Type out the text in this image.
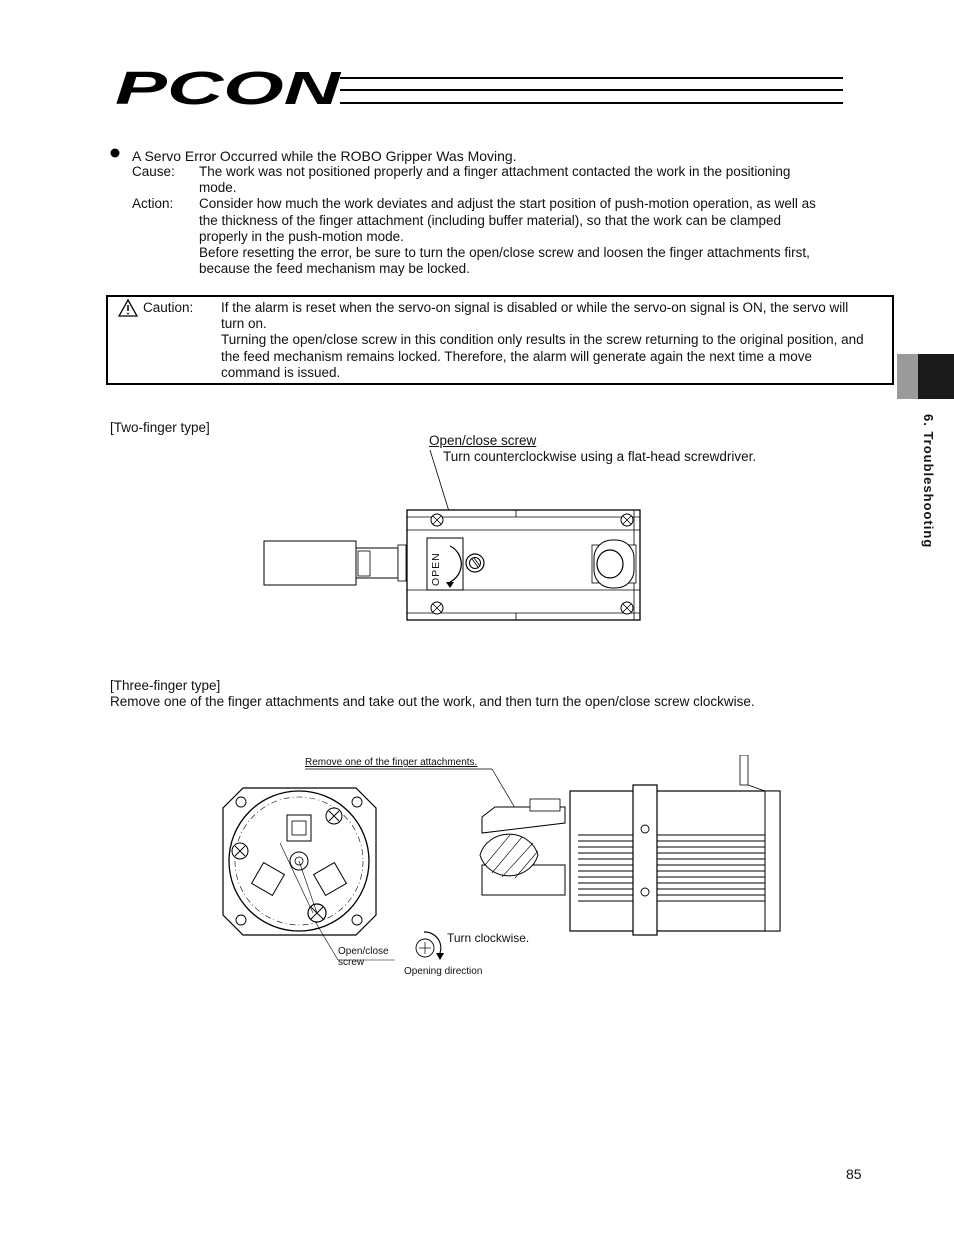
PCON
A Servo Error Occurred while the ROBO Gripper Was Moving.
Cause: The work was not positioned properly and a finger attachment contacted the work in the positioning
mode.
Action: Consider how much the work deviates and adjust the start position of push-motion operation, as well as
the thickness of the finger attachment (including buffer material), so that the work can be clamped
properly in the push-motion mode.
Before resetting the error, be sure to turn the open/close screw and loosen the finger attachments first,
because the feed mechanism may be locked.
Caution: If the alarm is reset when the servo-on signal is disabled or while the servo-on signal is ON, the servo will
turn on.
Turning the open/close screw in this condition only results in the screw returning to the original position, and
the feed mechanism remains locked. Therefore, the alarm will generate again the next time a move
command is issued.
6. Troubleshooting
[Two-finger type]
Open/close screw
Turn counterclockwise using a flat-head screwdriver.
OPEN
[Three-finger type]
Remove one of the finger attachments and take out the work, and then turn the open/close screw clockwise.
Remove one of the finger attachments.
Open/close
screw
Turn clockwise.
Opening direction
85
